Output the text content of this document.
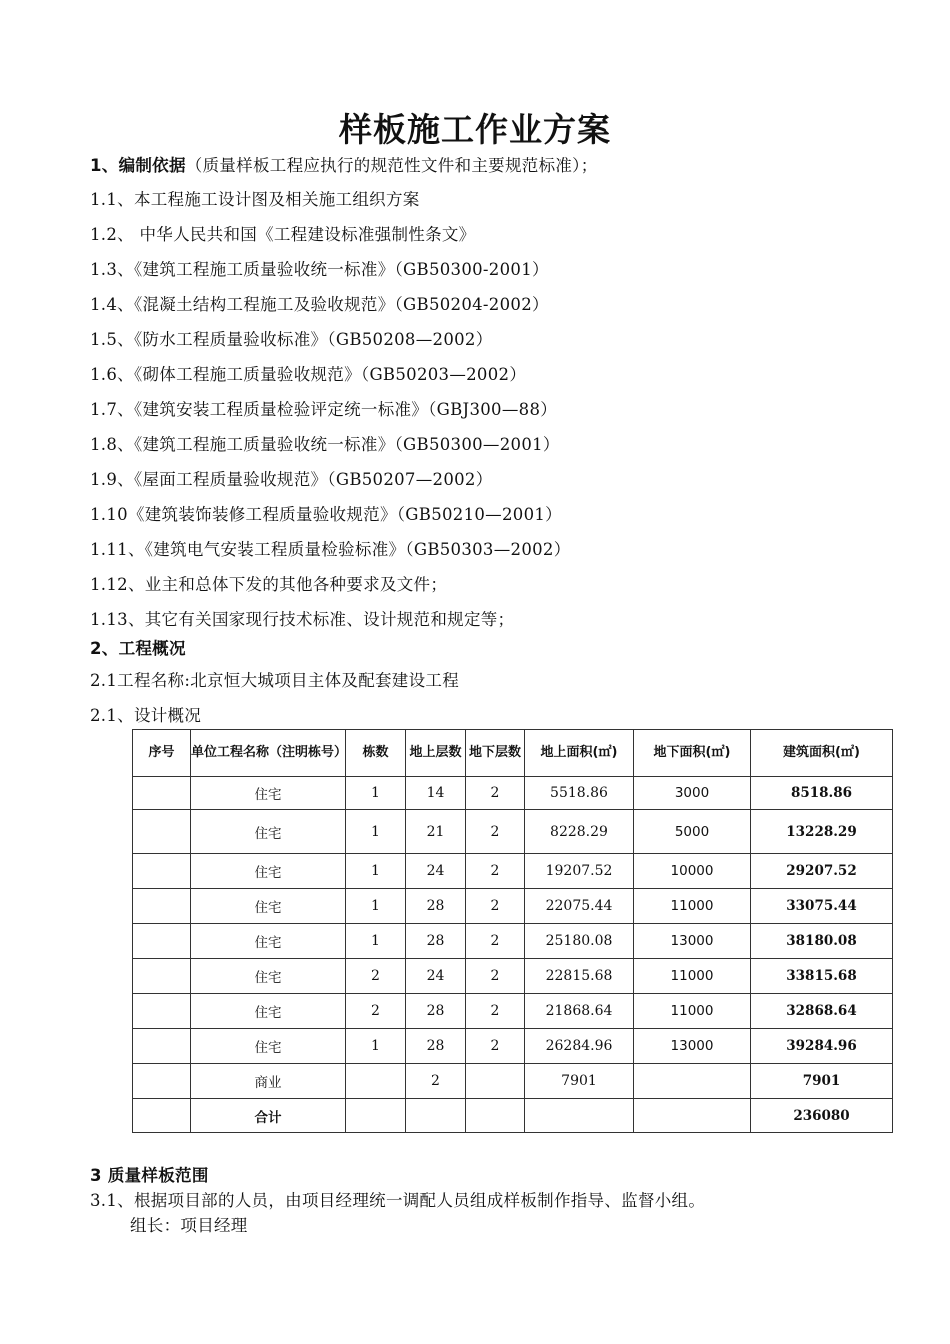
样板施工作业方案
1、编制依据（质量样板工程应执行的规范性文件和主要规范标准）；
1.1、本工程施工设计图及相关施工组织方案
1.2、 中华人民共和国《工程建设标准强制性条文》
1.3、《建筑工程施工质量验收统一标准》（GB50300-2001）
1.4、《混凝土结构工程施工及验收规范》（GB50204-2002）
1.5、《防水工程质量验收标准》（GB50208—2002）
1.6、《砌体工程施工质量验收规范》（GB50203—2002）
1.7、《建筑安装工程质量检验评定统一标准》（GBJ300—88）
1.8、《建筑工程施工质量验收统一标准》（GB50300—2001）
1.9、《屋面工程质量验收规范》（GB50207—2002）
1.10《建筑装饰装修工程质量验收规范》（GB50210—2001）
1.11、《建筑电气安装工程质量检验标准》（GB50303—2002）
1.12、业主和总体下发的其他各种要求及文件；
1.13、其它有关国家现行技术标准、设计规范和规定等；
2、工程概况
2.1工程名称:北京恒大城项目主体及配套建设工程
2.1、设计概况
序号	单位工程名称（注明栋号）	栋数	地上层数	地下层数	地上面积(㎡)	地下面积(㎡)	建筑面积(㎡)
	住宅	1	14	2	5518.86	3000	8518.86
	住宅	1	21	2	8228.29	5000	13228.29
	住宅	1	24	2	19207.52	10000	29207.52
	住宅	1	28	2	22075.44	11000	33075.44
	住宅	1	28	2	25180.08	13000	38180.08
	住宅	2	24	2	22815.68	11000	33815.68
	住宅	2	28	2	21868.64	11000	32868.64
	住宅	1	28	2	26284.96	13000	39284.96
	商业		2		7901		7901
	合计						236080
3 质量样板范围
3.1、根据项目部的人员，由项目经理统一调配人员组成样板制作指导、监督小组。
组长：项目经理
